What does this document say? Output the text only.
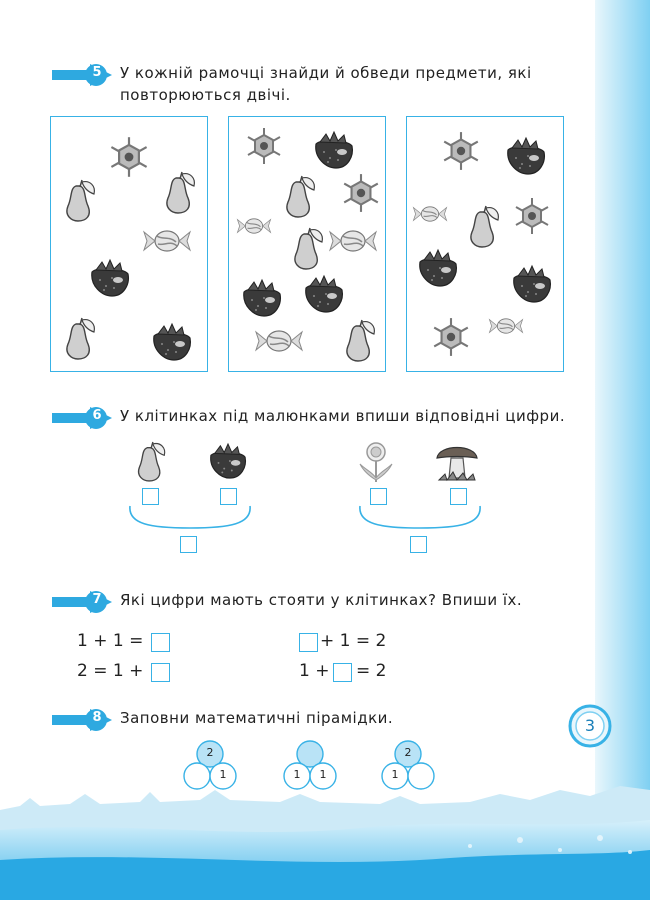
5 У кожній рамочці знайди й обведи предмети, які
повторюються двічі.
6 У клітинках під малюнками впиши відповідні цифри.
7 Які цифри мають стояти у клітинках? Впиши їх.
1 + 1 =
2 = 1 +
+ 1 = 2
1 + = 2
8 Заповни математичні пірамідки.
2
1	1	1
2
1
3
